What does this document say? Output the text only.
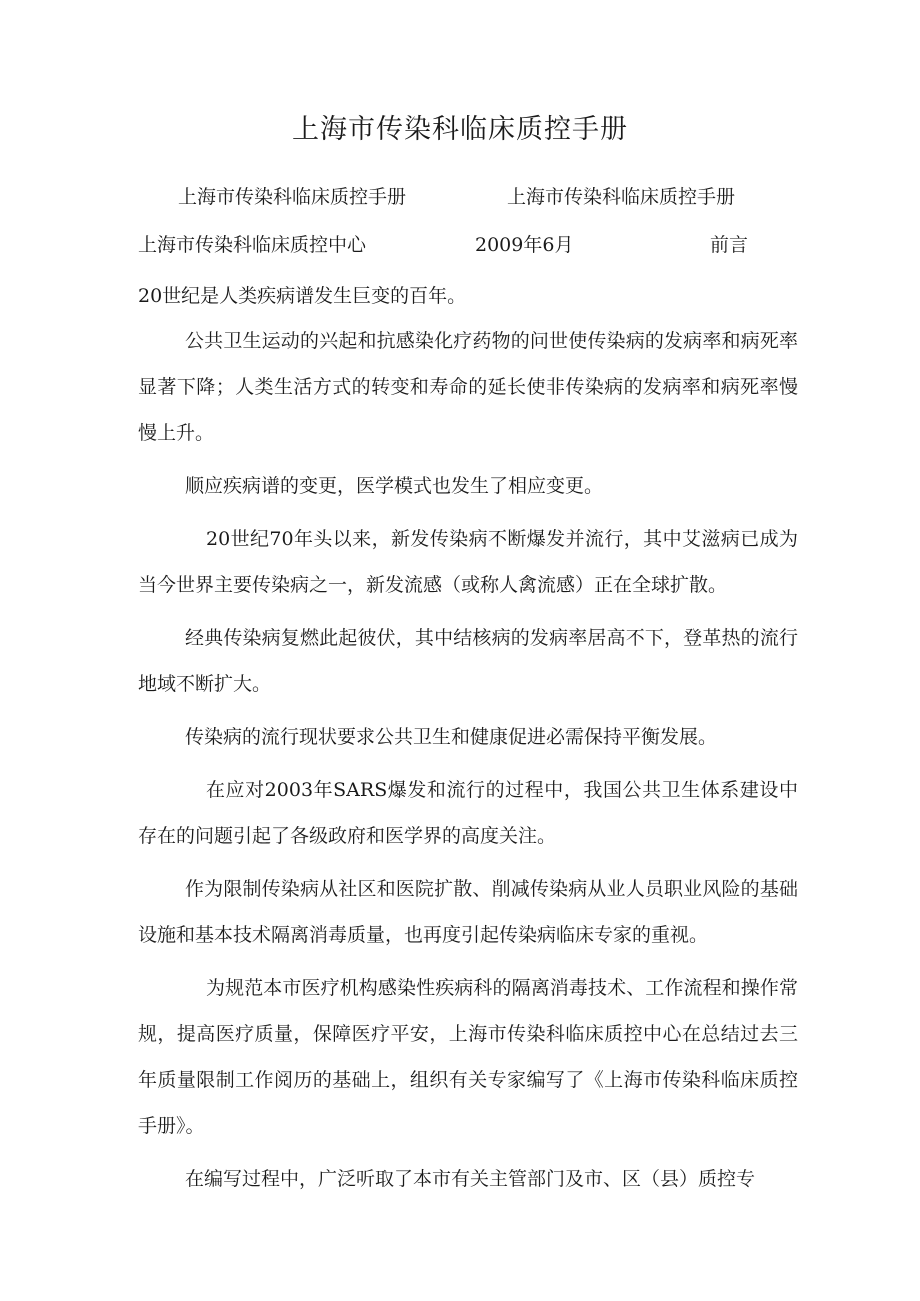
上海市传染科临床质控手册
上海市传染科临床质控手册	上海市传染科临床质控手册
上海市传染科临床质控中心	2009年6月	前言
20世纪是人类疾病谱发生巨变的百年。

公共卫生运动的兴起和抗感染化疗药物的问世使传染病的发病率和病死率显著下降；人类生活方式的转变和寿命的延长使非传染病的发病率和病死率慢慢上升。

顺应疾病谱的变更，医学模式也发生了相应变更。

20世纪70年头以来，新发传染病不断爆发并流行，其中艾滋病已成为当今世界主要传染病之一，新发流感（或称人禽流感）正在全球扩散。

经典传染病复燃此起彼伏，其中结核病的发病率居高不下，登革热的流行地域不断扩大。

传染病的流行现状要求公共卫生和健康促进必需保持平衡发展。

在应对2003年SARS爆发和流行的过程中，我国公共卫生体系建设中存在的问题引起了各级政府和医学界的高度关注。

作为限制传染病从社区和医院扩散、削减传染病从业人员职业风险的基础设施和基本技术隔离消毒质量，也再度引起传染病临床专家的重视。

为规范本市医疗机构感染性疾病科的隔离消毒技术、工作流程和操作常规，提高医疗质量，保障医疗平安，上海市传染科临床质控中心在总结过去三年质量限制工作阅历的基础上，组织有关专家编写了《上海市传染科临床质控手册》。

在编写过程中，广泛听取了本市有关主管部门及市、区（县）质控专
